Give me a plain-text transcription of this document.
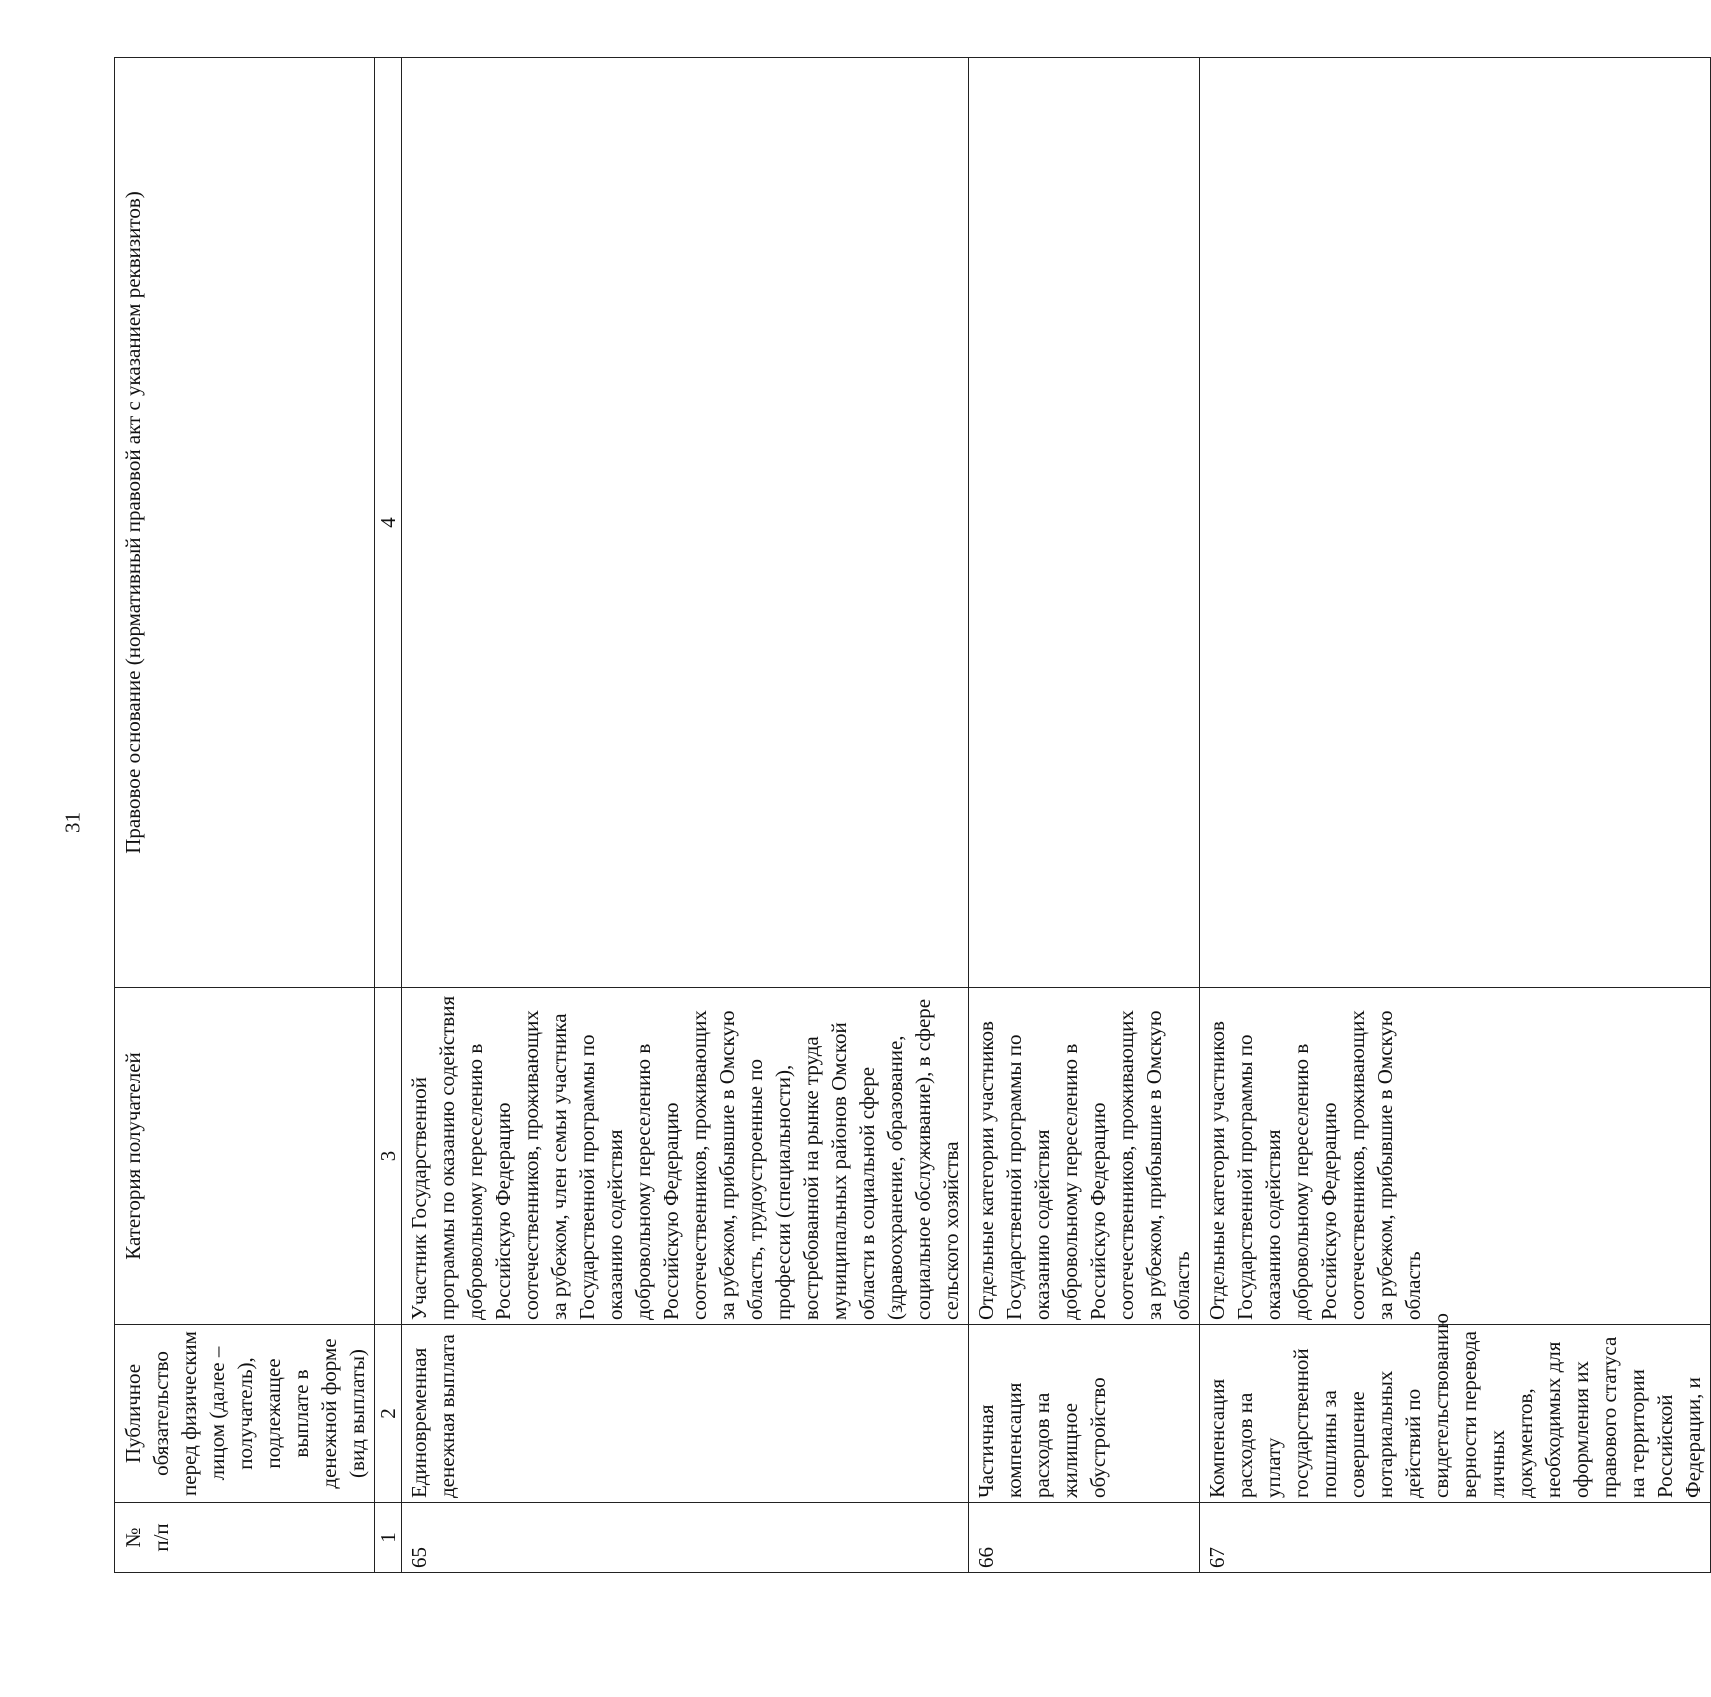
31
№
п/п	Публичное обязательство перед физическим лицом (далее – получатель), подлежащее выплате в денежной форме (вид выплаты)	Категория получателей	Правовое основание (нормативный правовой акт с указанием реквизитов)
1	2	3	4
65	Единовременная денежная выплата	Участник Государственной программы по оказанию содействия добровольному переселению в Российскую Федерацию соотечественников, проживающих за рубежом, член семьи участника Государственной программы по оказанию содействия добровольному переселению в Российскую Федерацию соотечественников, проживающих за рубежом, прибывшие в Омскую область, трудоустроенные по профессии (специальности), востребованной на рынке труда муниципальных районов Омской области в социальной сфере (здравоохранение, образование, социальное обслуживание), в сфере сельского хозяйства	
66	Частичная компенсация расходов на жилищное обустройство	Отдельные категории участников Государственной программы по оказанию содействия добровольному переселению в Российскую Федерацию соотечественников, проживающих за рубежом, прибывшие в Омскую область	
67	Компенсация расходов на уплату государственной пошлины за совершение нотариальных действий по свидетельствованию верности перевода личных документов, необходимых для оформления их правового статуса на территории Российской Федерации, и	Отдельные категории участников Государственной программы по оказанию содействия добровольному переселению в Российскую Федерацию соотечественников, проживающих за рубежом, прибывшие в Омскую область	
